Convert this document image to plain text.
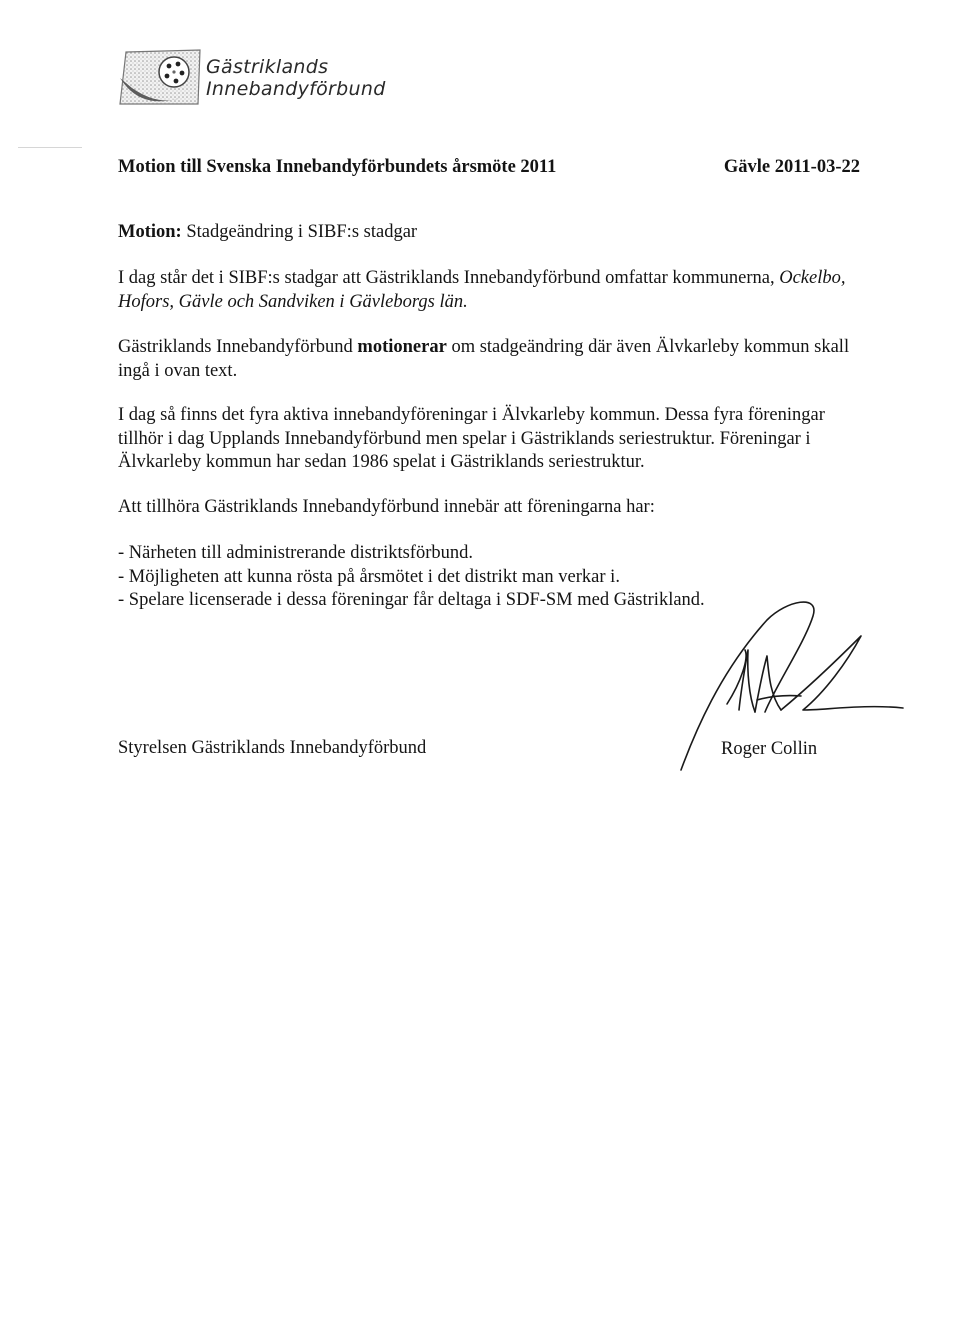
Gästriklands
Innebandyförbund
Motion till Svenska Innebandyförbundets årsmöte 2011	Gävle 2011-03-22
Motion: Stadgeändring i SIBF:s stadgar
I dag står det i SIBF:s stadgar att Gästriklands Innebandyförbund omfattar kommunerna, Ockelbo,
Hofors, Gävle och Sandviken i Gävleborgs län.
Gästriklands Innebandyförbund motionerar om stadgeändring där även Älvkarleby kommun skall
ingå i ovan text.
I dag så finns det fyra aktiva innebandyföreningar i Älvkarleby kommun. Dessa fyra föreningar
tillhör i dag Upplands Innebandyförbund men spelar i Gästriklands seriestruktur. Föreningar i
Älvkarleby kommun har sedan 1986 spelat i Gästriklands seriestruktur.
Att tillhöra Gästriklands Innebandyförbund innebär att föreningarna har:
- Närheten till administrerande distriktsförbund.
- Möjligheten att kunna rösta på årsmötet i det distrikt man verkar i.
- Spelare licenserade i dessa föreningar får deltaga i SDF-SM med Gästrikland.
Styrelsen Gästriklands Innebandyförbund	Roger Collin
